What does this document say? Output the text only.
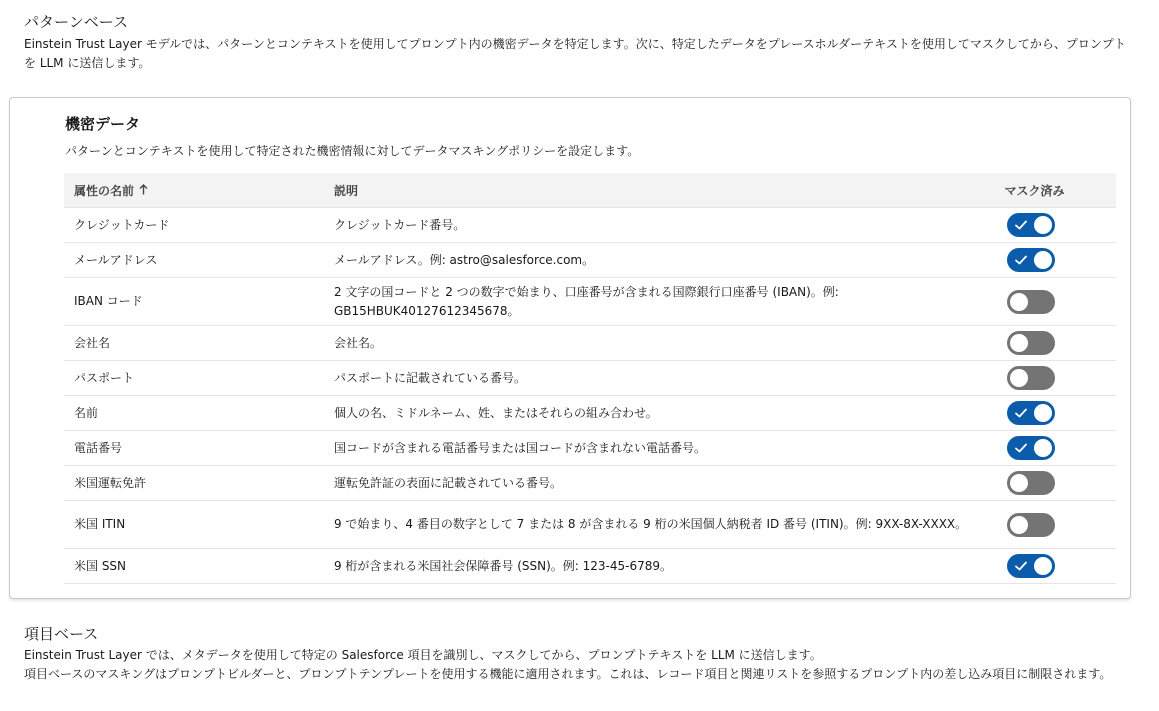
パターンベース

Einstein Trust Layer モデルでは、パターンとコンテキストを使用してプロンプト内の機密データを特定します。次に、特定したデータをプレースホルダーテキストを使用してマスクしてから、プロンプトを LLM に送信します。

機密データ
パターンとコンテキストを使用して特定された機密情報に対してデータマスキングポリシーを設定します。
属性の名前	説明	マスク済み
クレジットカード	クレジットカード番号。	

メールアドレス	メールアドレス。例: astro@salesforce.com。	

IBAN コード	2 文字の国コードと 2 つの数字で始まり、口座番号が含まれる国際銀行口座番号 (IBAN)。例: GB15HBUK40127612345678。	

会社名	会社名。	

パスポート	パスポートに記載されている番号。	

名前	個人の名、ミドルネーム、姓、またはそれらの組み合わせ。	

電話番号	国コードが含まれる電話番号または国コードが含まれない電話番号。	

米国運転免許	運転免許証の表面に記載されている番号。	

米国 ITIN	9 で始まり、4 番目の数字として 7 または 8 が含まれる 9 桁の米国個人納税者 ID 番号 (ITIN)。例: 9XX-8X-XXXX。	

米国 SSN	9 桁が含まれる米国社会保障番号 (SSN)。例: 123-45-6789。	
項目ベース

Einstein Trust Layer では、メタデータを使用して特定の Salesforce 項目を識別し、マスクしてから、プロンプトテキストを LLM に送信します。

項目ベースのマスキングはプロンプトビルダーと、プロンプトテンプレートを使用する機能に適用されます。これは、レコード項目と関連リストを参照するプロンプト内の差し込み項目に制限されます。
